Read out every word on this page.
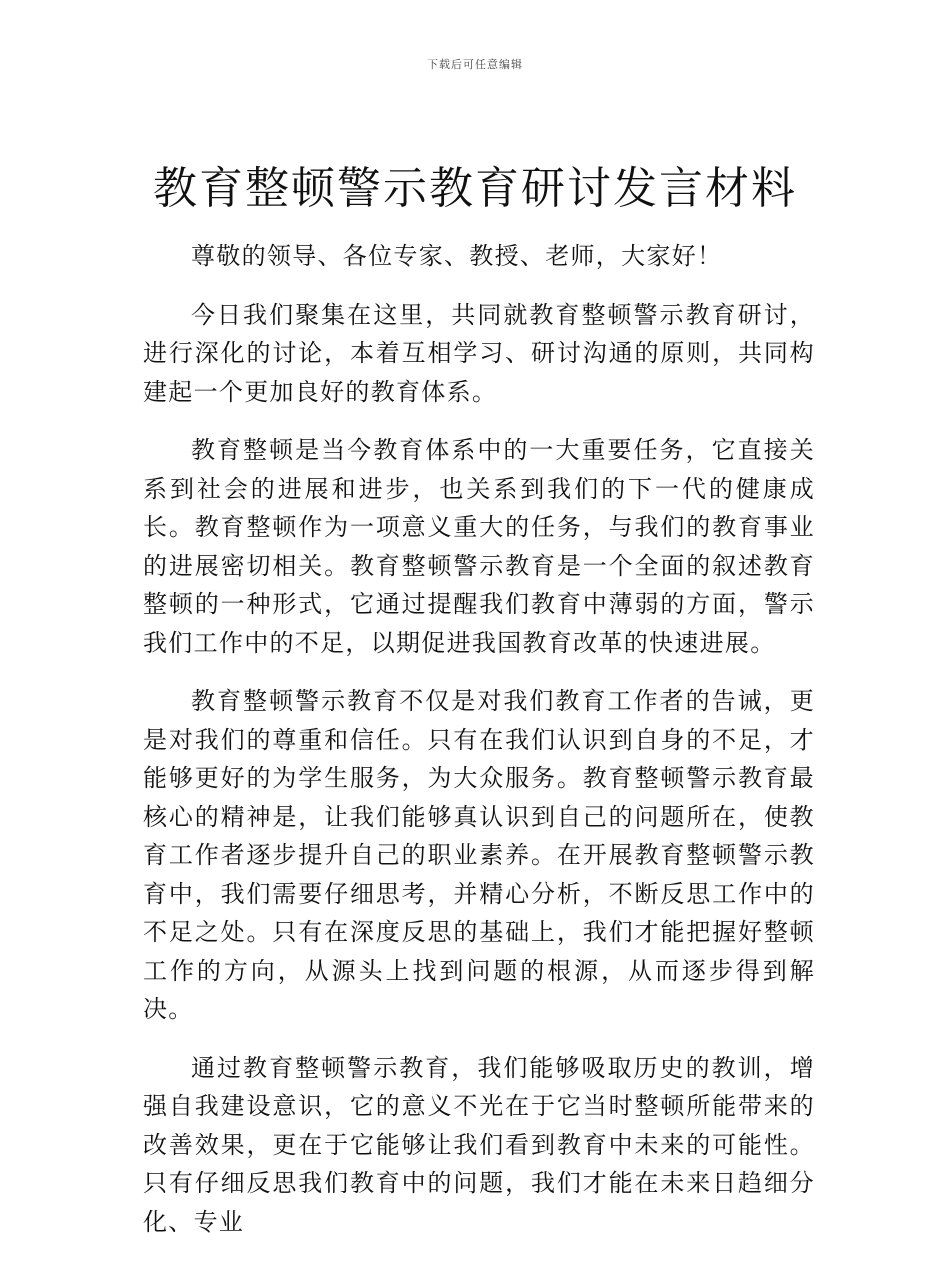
下载后可任意编辑
教育整顿警示教育研讨发言材料

尊敬的领导、各位专家、教授、老师，大家好！

今日我们聚集在这里，共同就教育整顿警示教育研讨，进行深化的讨论，本着互相学习、研讨沟通的原则，共同构建起一个更加良好的教育体系。

教育整顿是当今教育体系中的一大重要任务，它直接关系到社会的进展和进步，也关系到我们的下一代的健康成长。教育整顿作为一项意义重大的任务，与我们的教育事业的进展密切相关。教育整顿警示教育是一个全面的叙述教育整顿的一种形式，它通过提醒我们教育中薄弱的方面，警示我们工作中的不足，以期促进我国教育改革的快速进展。

教育整顿警示教育不仅是对我们教育工作者的告诫，更是对我们的尊重和信任。只有在我们认识到自身的不足，才能够更好的为学生服务，为大众服务。教育整顿警示教育最核心的精神是，让我们能够真认识到自己的问题所在，使教育工作者逐步提升自己的职业素养。在开展教育整顿警示教育中，我们需要仔细思考，并精心分析，不断反思工作中的不足之处。只有在深度反思的基础上，我们才能把握好整顿工作的方向，从源头上找到问题的根源，从而逐步得到解决。

通过教育整顿警示教育，我们能够吸取历史的教训，增强自我建设意识，它的意义不光在于它当时整顿所能带来的改善效果，更在于它能够让我们看到教育中未来的可能性。只有仔细反思我们教育中的问题，我们才能在未来日趋细分化、专业
